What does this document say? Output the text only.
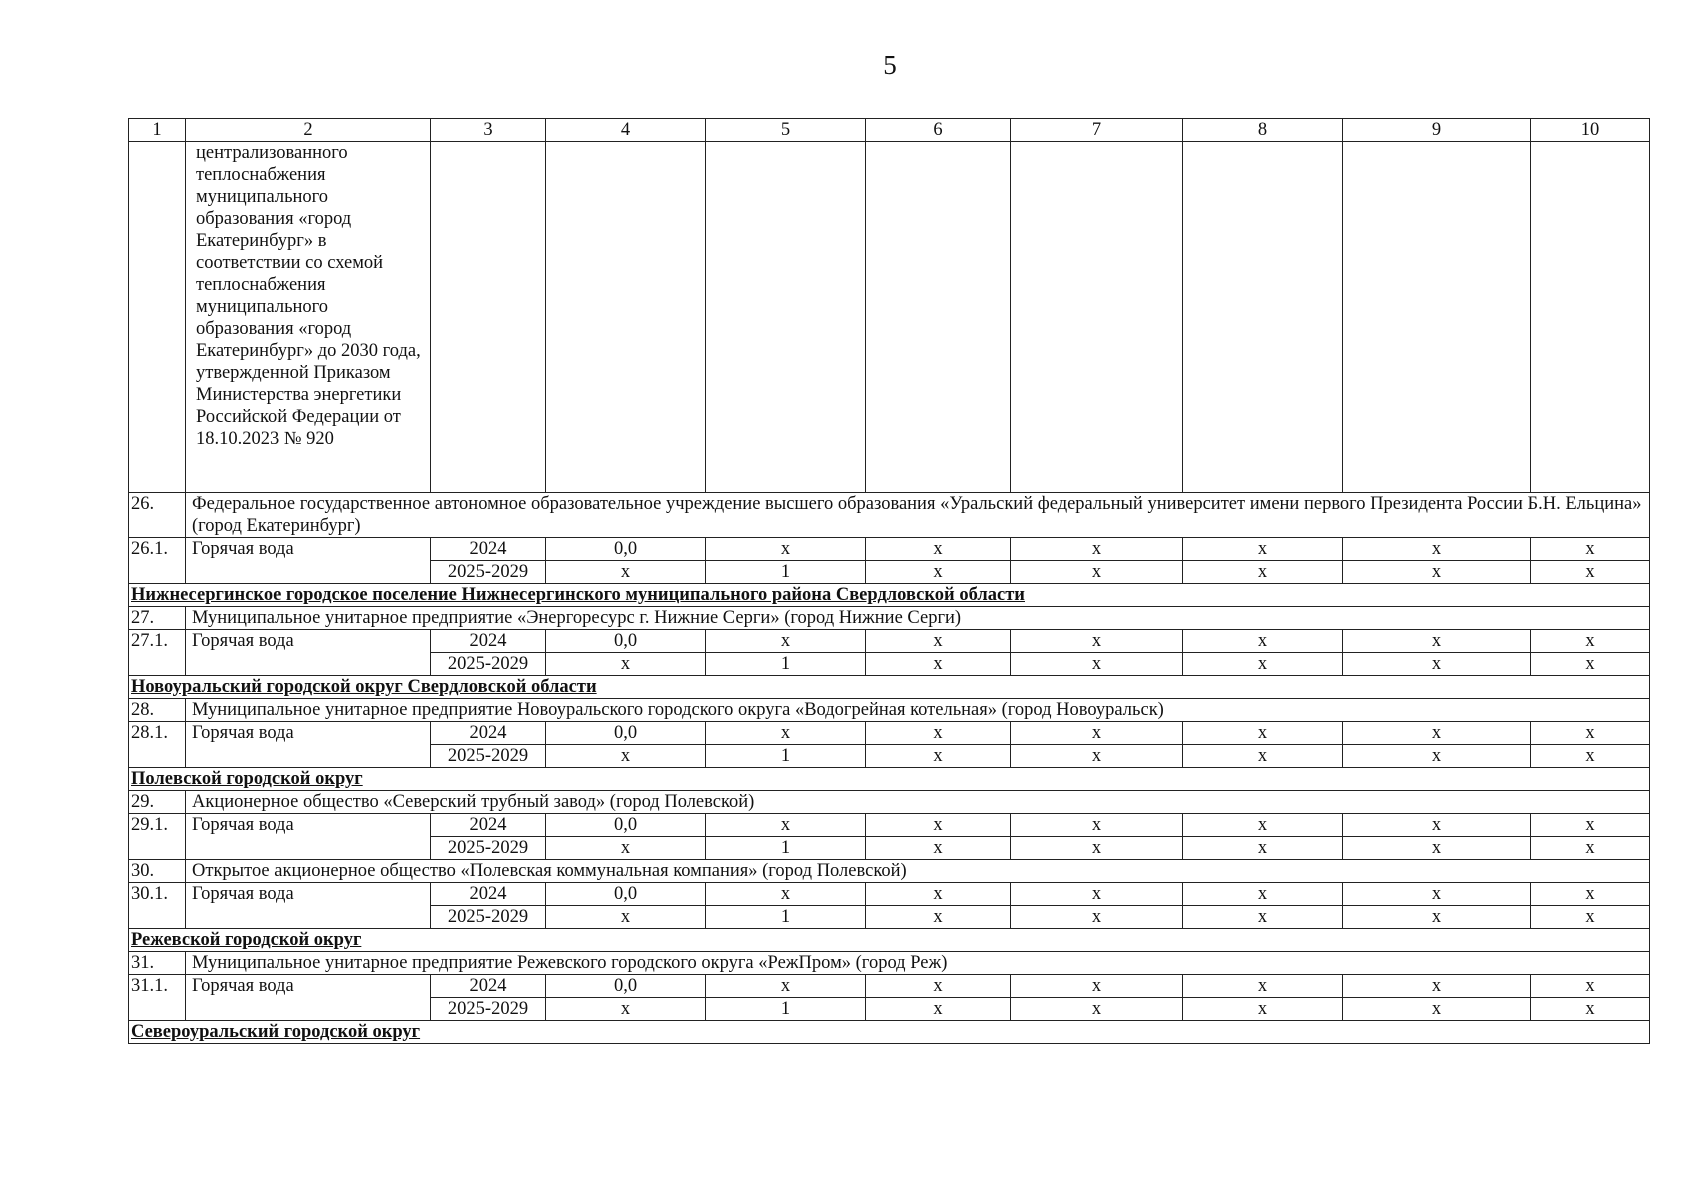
5
1	2	3	4	5	6	7	8	9	10
	централизованного теплоснабжения муниципального образования «город Екатеринбург» в соответствии со схемой теплоснабжения муниципального образования «город Екатеринбург» до 2030 года, утвержденной Приказом Министерства энергетики Российской Федерации от 18.10.2023 № 920								
26.	Федеральное государственное автономное образовательное учреждение высшего образования «Уральский федеральный университет имени первого Президента России Б.Н. Ельцина» (город Екатеринбург)								
26.1.	Горячая вода	2024	0,0	x	x	x	x	x	x
		2025-2029	x	1	x	x	x	x	x
Нижнесергинское городское поселение Нижнесергинского муниципального района Свердловской области									
27.	Муниципальное унитарное предприятие «Энергоресурс г. Нижние Серги» (город Нижние Серги)								
27.1.	Горячая вода	2024	0,0	x	x	x	x	x	x
		2025-2029	x	1	x	x	x	x	x
Новоуральский городской округ Свердловской области									
28.	Муниципальное унитарное предприятие Новоуральского городского округа «Водогрейная котельная» (город Новоуральск)								
28.1.	Горячая вода	2024	0,0	x	x	x	x	x	x
		2025-2029	x	1	x	x	x	x	x
Полевской городской округ									
29.	Акционерное общество «Северский трубный завод» (город Полевской)								
29.1.	Горячая вода	2024	0,0	x	x	x	x	x	x
		2025-2029	x	1	x	x	x	x	x
30.	Открытое акционерное общество «Полевская коммунальная компания» (город Полевской)								
30.1.	Горячая вода	2024	0,0	x	x	x	x	x	x
		2025-2029	x	1	x	x	x	x	x
Режевской городской округ									
31.	Муниципальное унитарное предприятие Режевского городского округа «РежПром» (город Реж)								
31.1.	Горячая вода	2024	0,0	x	x	x	x	x	x
		2025-2029	x	1	x	x	x	x	x
Североуральский городской округ									
